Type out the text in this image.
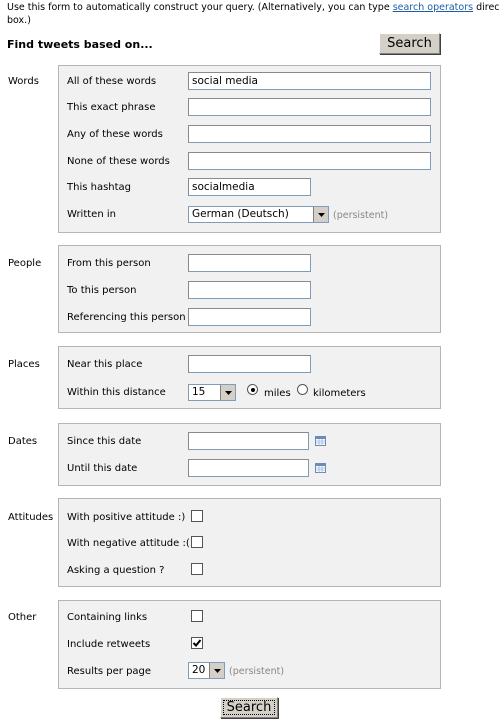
Use this form to automatically construct your query. (Alternatively, you can type search operators direc
box.)
Find tweets based on...	Search
Words	All of these words	social media
This exact phrase
Any of these words
None of these words
This hashtag	socialmedia
Written in	German (Deutsch)	(persistent)
People	From this person
To this person
Referencing this person
Places	Near this place
Within this distance	15	miles kilometers
Dates	Since this date
Until this date
Attitudes With positive attitude :)
With negative attitude :(
Asking a question ?
Other	Containing links
Include retweets
Results per page	20	(persistent)
Search
